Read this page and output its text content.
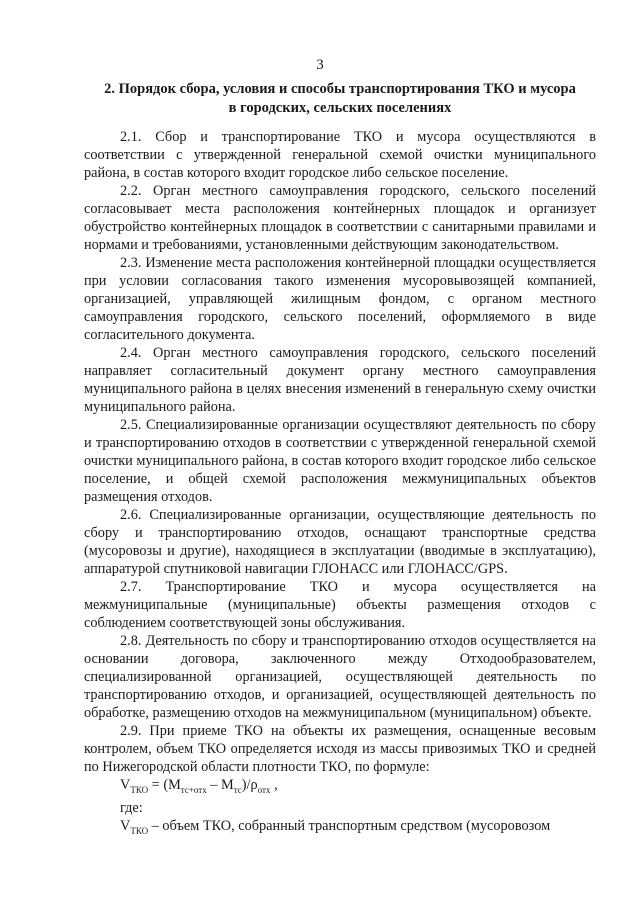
3
2. Порядок сбора, условия и способы транспортирования ТКО и мусора
в городских, сельских поселениях

2.1. Сбор и транспортирование ТКО и мусора осуществляются в соответствии с утвержденной генеральной схемой очистки муниципального района, в состав которого входит городское либо сельское поселение.

2.2. Орган местного самоуправления городского, сельского поселений согласовывает места расположения контейнерных площадок и организует обустройство контейнерных площадок в соответствии с санитарными правилами и нормами и требованиями, установленными действующим законодательством.

2.3. Изменение места расположения контейнерной площадки осуществляется при условии согласования такого изменения мусоровывозящей компанией, организацией, управляющей жилищным фондом, с органом местного самоуправления городского, сельского поселений, оформляемого в виде согласительного документа.

2.4. Орган местного самоуправления городского, сельского поселений направляет согласительный документ органу местного самоуправления муниципального района в целях внесения изменений в генеральную схему очистки муниципального района.

2.5. Специализированные организации осуществляют деятельность по сбору и транспортированию отходов в соответствии с утвержденной генеральной схемой очистки муниципального района, в состав которого входит городское либо сельское поселение, и общей схемой расположения межмуниципальных объектов размещения отходов.

2.6. Специализированные организации, осуществляющие деятельность по сбору и транспортированию отходов, оснащают транспортные средства (мусоровозы и другие), находящиеся в эксплуатации (вводимые в эксплуатацию), аппаратурой спутниковой навигации ГЛОНАСС или ГЛОНАСС/GPS.

2.7. Транспортирование ТКО и мусора осуществляется на межмуниципальные (муниципальные) объекты размещения отходов с соблюдением соответствующей зоны обслуживания.

2.8. Деятельность по сбору и транспортированию отходов осуществляется на основании договора, заключенного между Отходообразователем, специализированной организацией, осуществляющей деятельность по транспортированию отходов, и организацией, осуществляющей деятельность по обработке, размещению отходов на межмуниципальном (муниципальном) объекте.

2.9. При приеме ТКО на объекты их размещения, оснащенные весовым контролем, объем ТКО определяется исходя из массы привозимых ТКО и средней по Нижегородской области плотности ТКО, по формуле:

$V_{ТКО} = (M_{тс+отх} - M_{тс})/\rho_{отх}$ ,

где:

$V_{ТКО}$ – объем ТКО, собранный транспортным средством (мусоровозом
